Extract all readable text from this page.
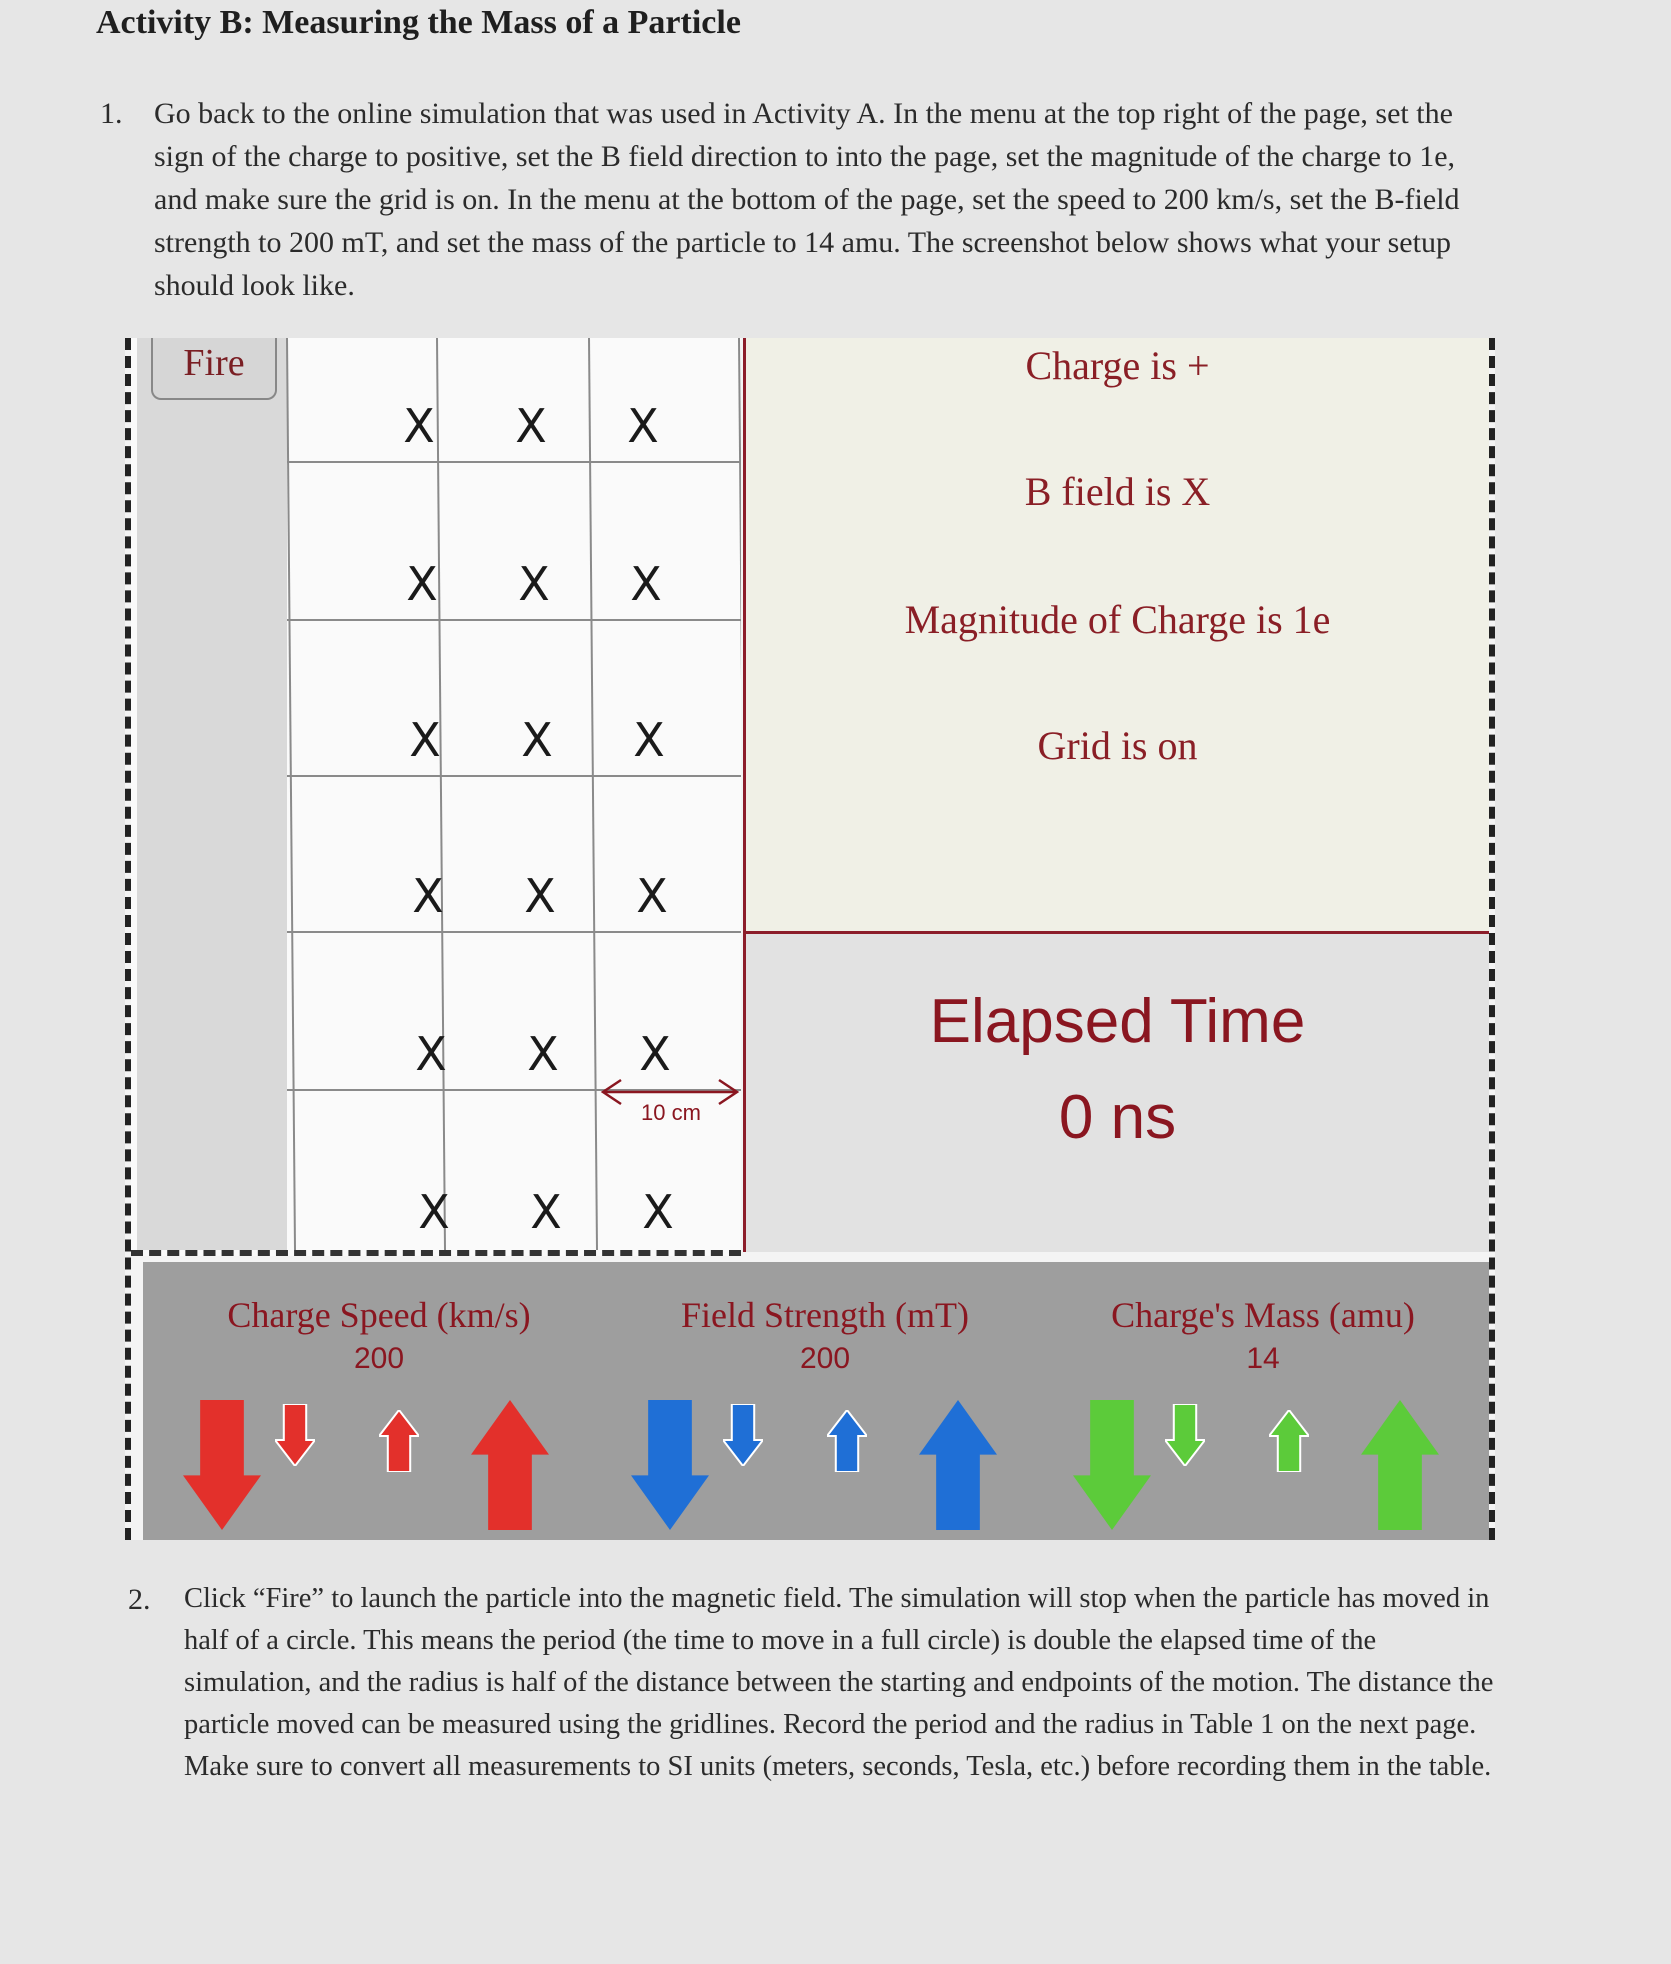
Activity B: Measuring the Mass of a Particle
1. Go back to the online simulation that was used in Activity A. In the menu at the top right of the page, set the sign of the charge to positive, set the B field direction to into the page, set the magnitude of the charge to 1e, and make sure the grid is on. In the menu at the bottom of the page, set the speed to 200 km/s, set the B-field strength to 200 mT, and set the mass of the particle to 14 amu. The screenshot below shows what your setup should look like.
Fire
X X X
X X X
X X X
X X X
X X X
X X X
10 cm
Charge is +
B field is X
Magnitude of Charge is 1e
Grid is on
Elapsed Time
0 ns
Charge Speed (km/s)
200
Field Strength (mT)
200
Charge's Mass (amu)
14
2. Click “Fire” to launch the particle into the magnetic field. The simulation will stop when the particle has moved in half of a circle. This means the period (the time to move in a full circle) is double the elapsed time of the simulation, and the radius is half of the distance between the starting and endpoints of the motion. The distance the particle moved can be measured using the gridlines. Record the period and the radius in Table 1 on the next page. Make sure to convert all measurements to SI units (meters, seconds, Tesla, etc.) before recording them in the table.
